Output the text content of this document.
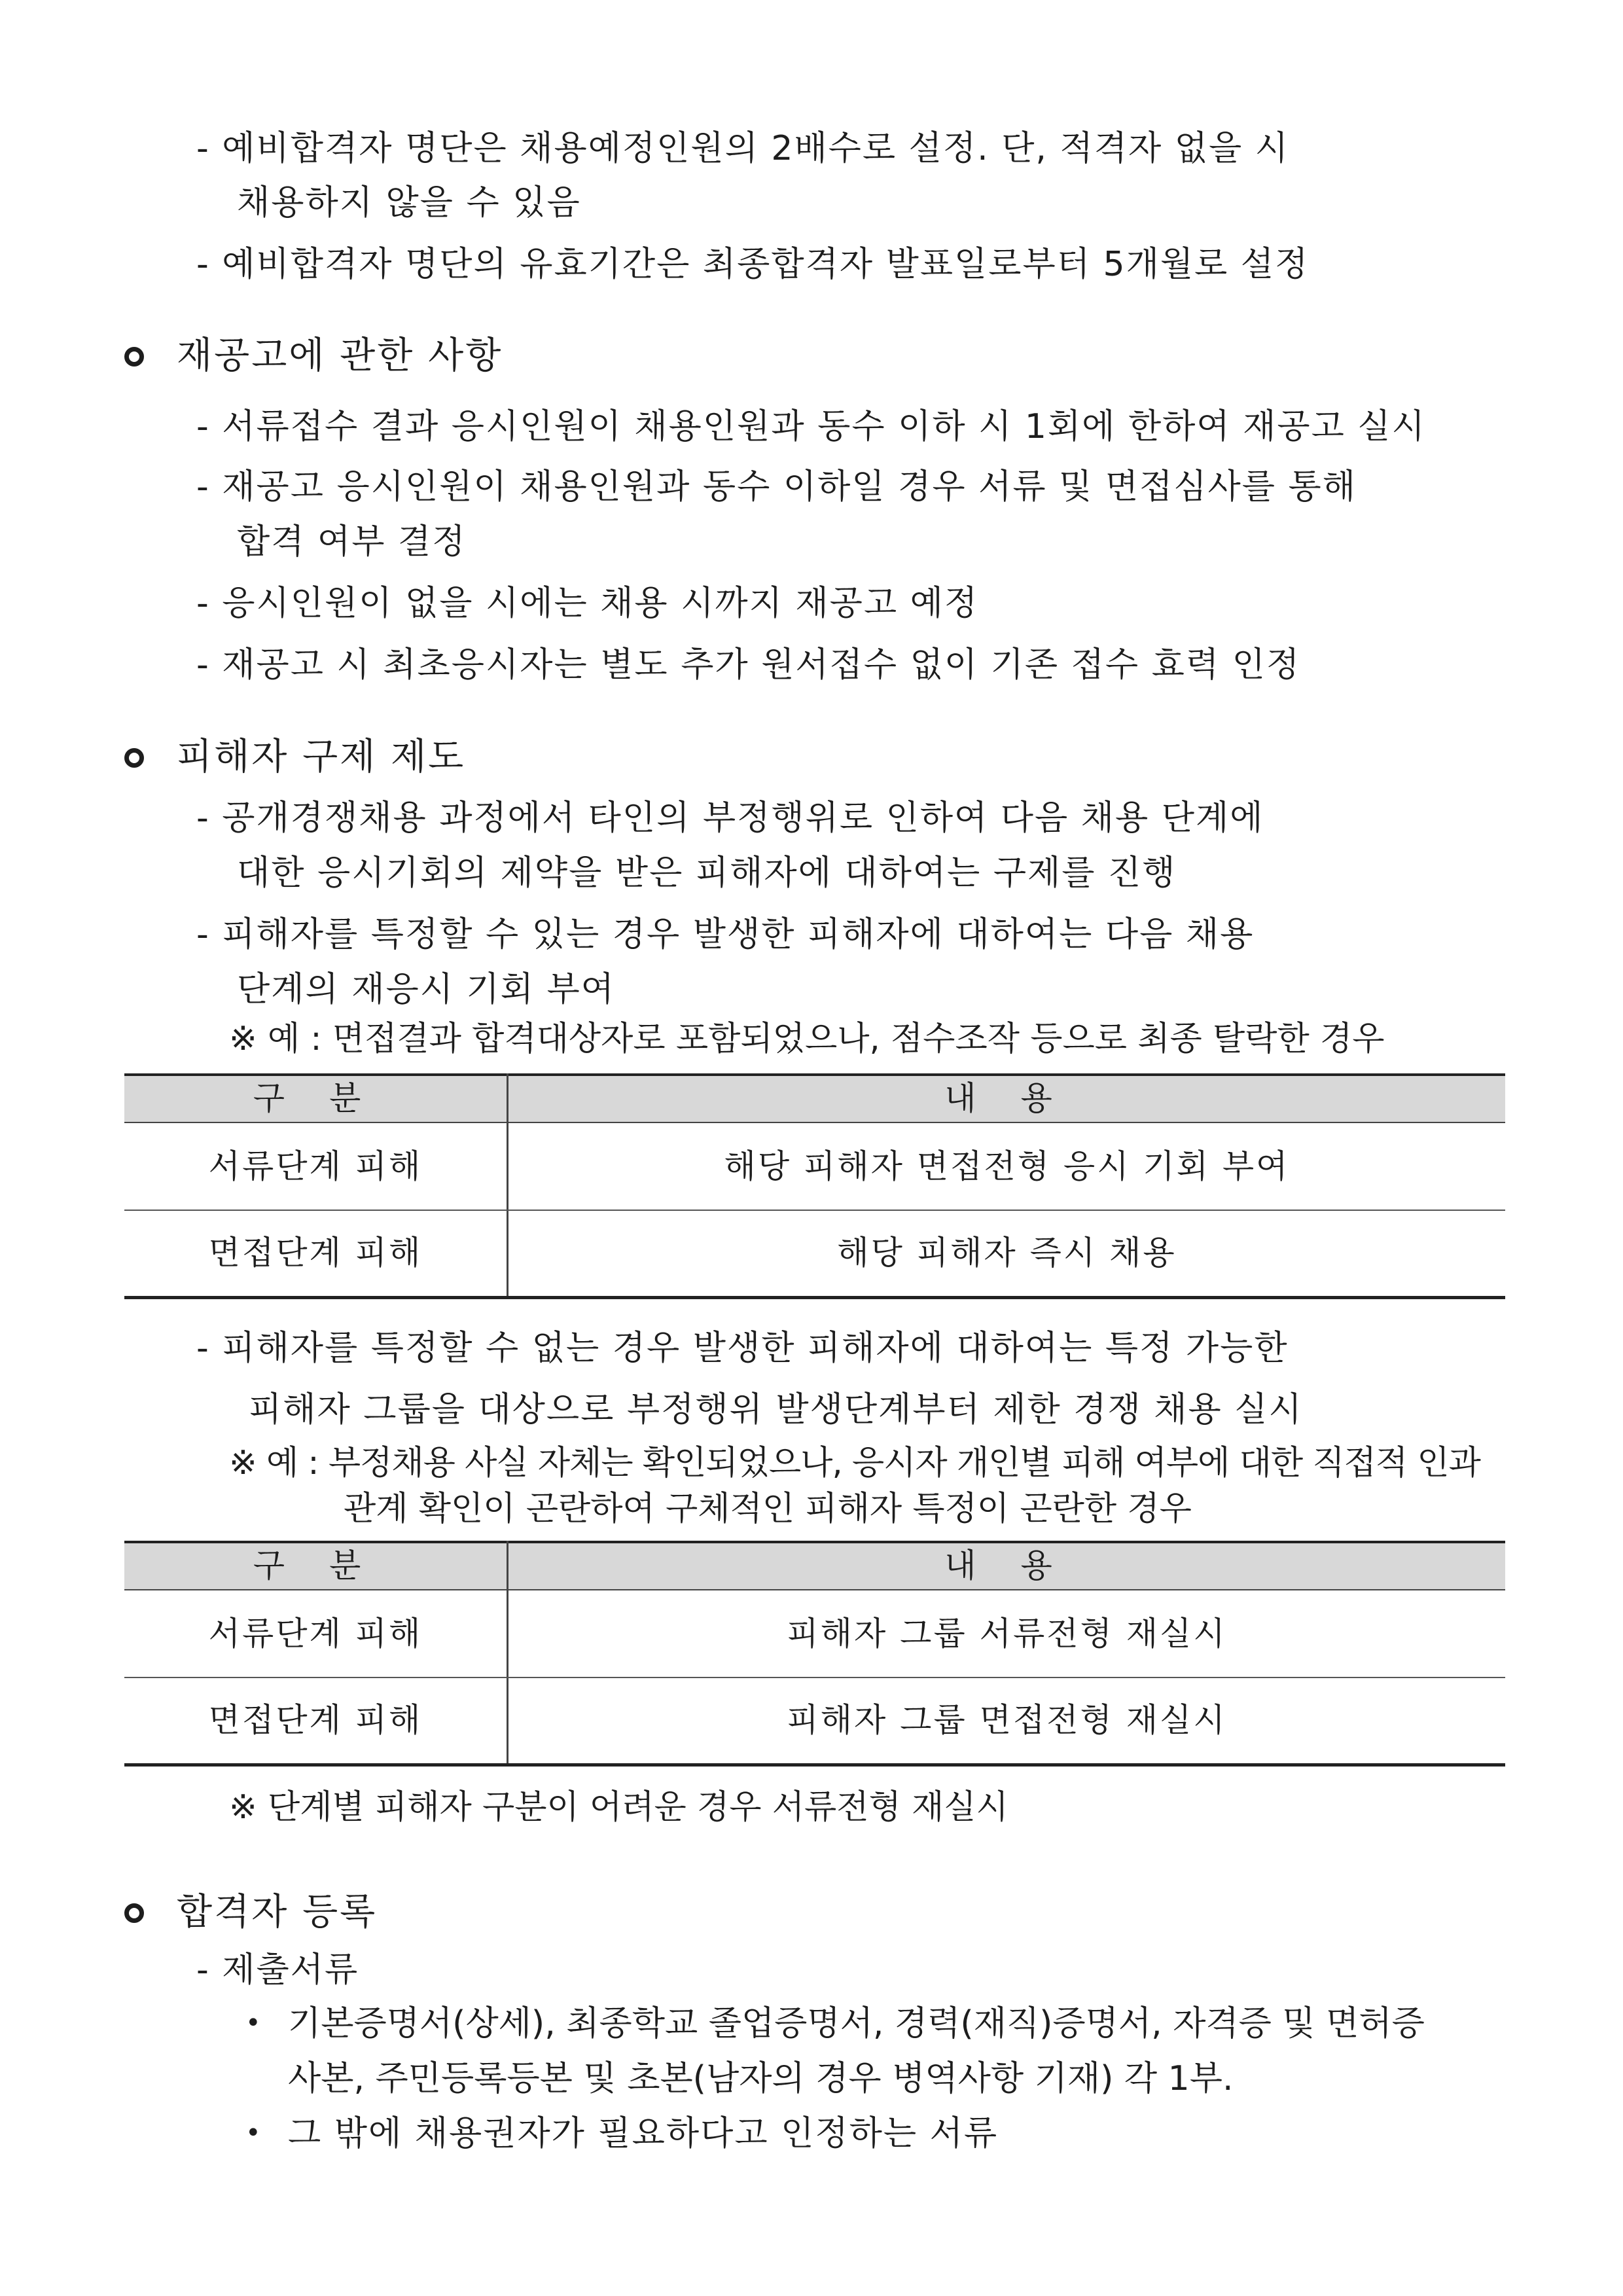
- 예비합격자 명단은 채용예정인원의 2배수로 설정. 단, 적격자 없을 시
채용하지 않을 수 있음
- 예비합격자 명단의 유효기간은 최종합격자 발표일로부터 5개월로 설정
재공고에 관한 사항
- 서류접수 결과 응시인원이 채용인원과 동수 이하 시 1회에 한하여 재공고 실시
- 재공고 응시인원이 채용인원과 동수 이하일 경우 서류 및 면접심사를 통해
합격 여부 결정
- 응시인원이 없을 시에는 채용 시까지 재공고 예정
- 재공고 시 최초응시자는 별도 추가 원서접수 없이 기존 접수 효력 인정
피해자 구제 제도
- 공개경쟁채용 과정에서 타인의 부정행위로 인하여 다음 채용 단계에
대한 응시기회의 제약을 받은 피해자에 대하여는 구제를 진행
- 피해자를 특정할 수 있는 경우 발생한 피해자에 대하여는 다음 채용
단계의 재응시 기회 부여
※ 예 : 면접결과 합격대상자로 포함되었으나, 점수조작 등으로 최종 탈락한 경우
구 분	내 용
서류단계 피해	해당 피해자 면접전형 응시 기회 부여
면접단계 피해	해당 피해자 즉시 채용
- 피해자를 특정할 수 없는 경우 발생한 피해자에 대하여는 특정 가능한
피해자 그룹을 대상으로 부정행위 발생단계부터 제한 경쟁 채용 실시
※ 예 : 부정채용 사실 자체는 확인되었으나, 응시자 개인별 피해 여부에 대한 직접적 인과
관계 확인이 곤란하여 구체적인 피해자 특정이 곤란한 경우
구 분	내 용
서류단계 피해	피해자 그룹 서류전형 재실시
면접단계 피해	피해자 그룹 면접전형 재실시
※ 단계별 피해자 구분이 어려운 경우 서류전형 재실시
합격자 등록
- 제출서류
• 기본증명서(상세), 최종학교 졸업증명서, 경력(재직)증명서, 자격증 및 면허증
사본, 주민등록등본 및 초본(남자의 경우 병역사항 기재) 각 1부.
• 그 밖에 채용권자가 필요하다고 인정하는 서류
